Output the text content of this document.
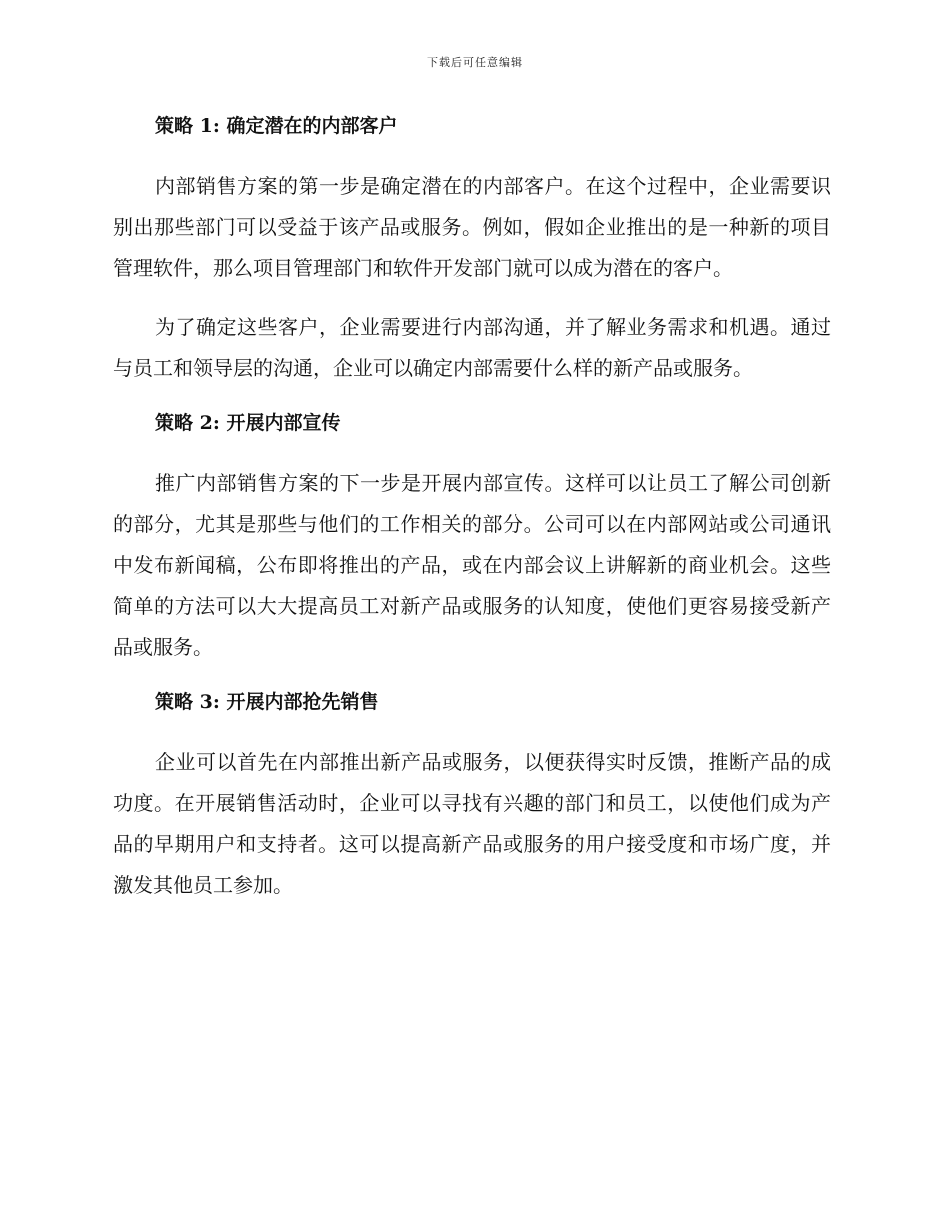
下载后可任意编辑
策略 1: 确定潜在的内部客户

内部销售方案的第一步是确定潜在的内部客户。在这个过程中，企业需要识别出那些部门可以受益于该产品或服务。例如，假如企业推出的是一种新的项目管理软件，那么项目管理部门和软件开发部门就可以成为潜在的客户。

为了确定这些客户，企业需要进行内部沟通，并了解业务需求和机遇。通过与员工和领导层的沟通，企业可以确定内部需要什么样的新产品或服务。

策略 2: 开展内部宣传

推广内部销售方案的下一步是开展内部宣传。这样可以让员工了解公司创新的部分，尤其是那些与他们的工作相关的部分。公司可以在内部网站或公司通讯中发布新闻稿，公布即将推出的产品，或在内部会议上讲解新的商业机会。这些简单的方法可以大大提高员工对新产品或服务的认知度，使他们更容易接受新产品或服务。

策略 3: 开展内部抢先销售

企业可以首先在内部推出新产品或服务，以便获得实时反馈，推断产品的成功度。在开展销售活动时，企业可以寻找有兴趣的部门和员工，以使他们成为产品的早期用户和支持者。这可以提高新产品或服务的用户接受度和市场广度，并激发其他员工参加。
